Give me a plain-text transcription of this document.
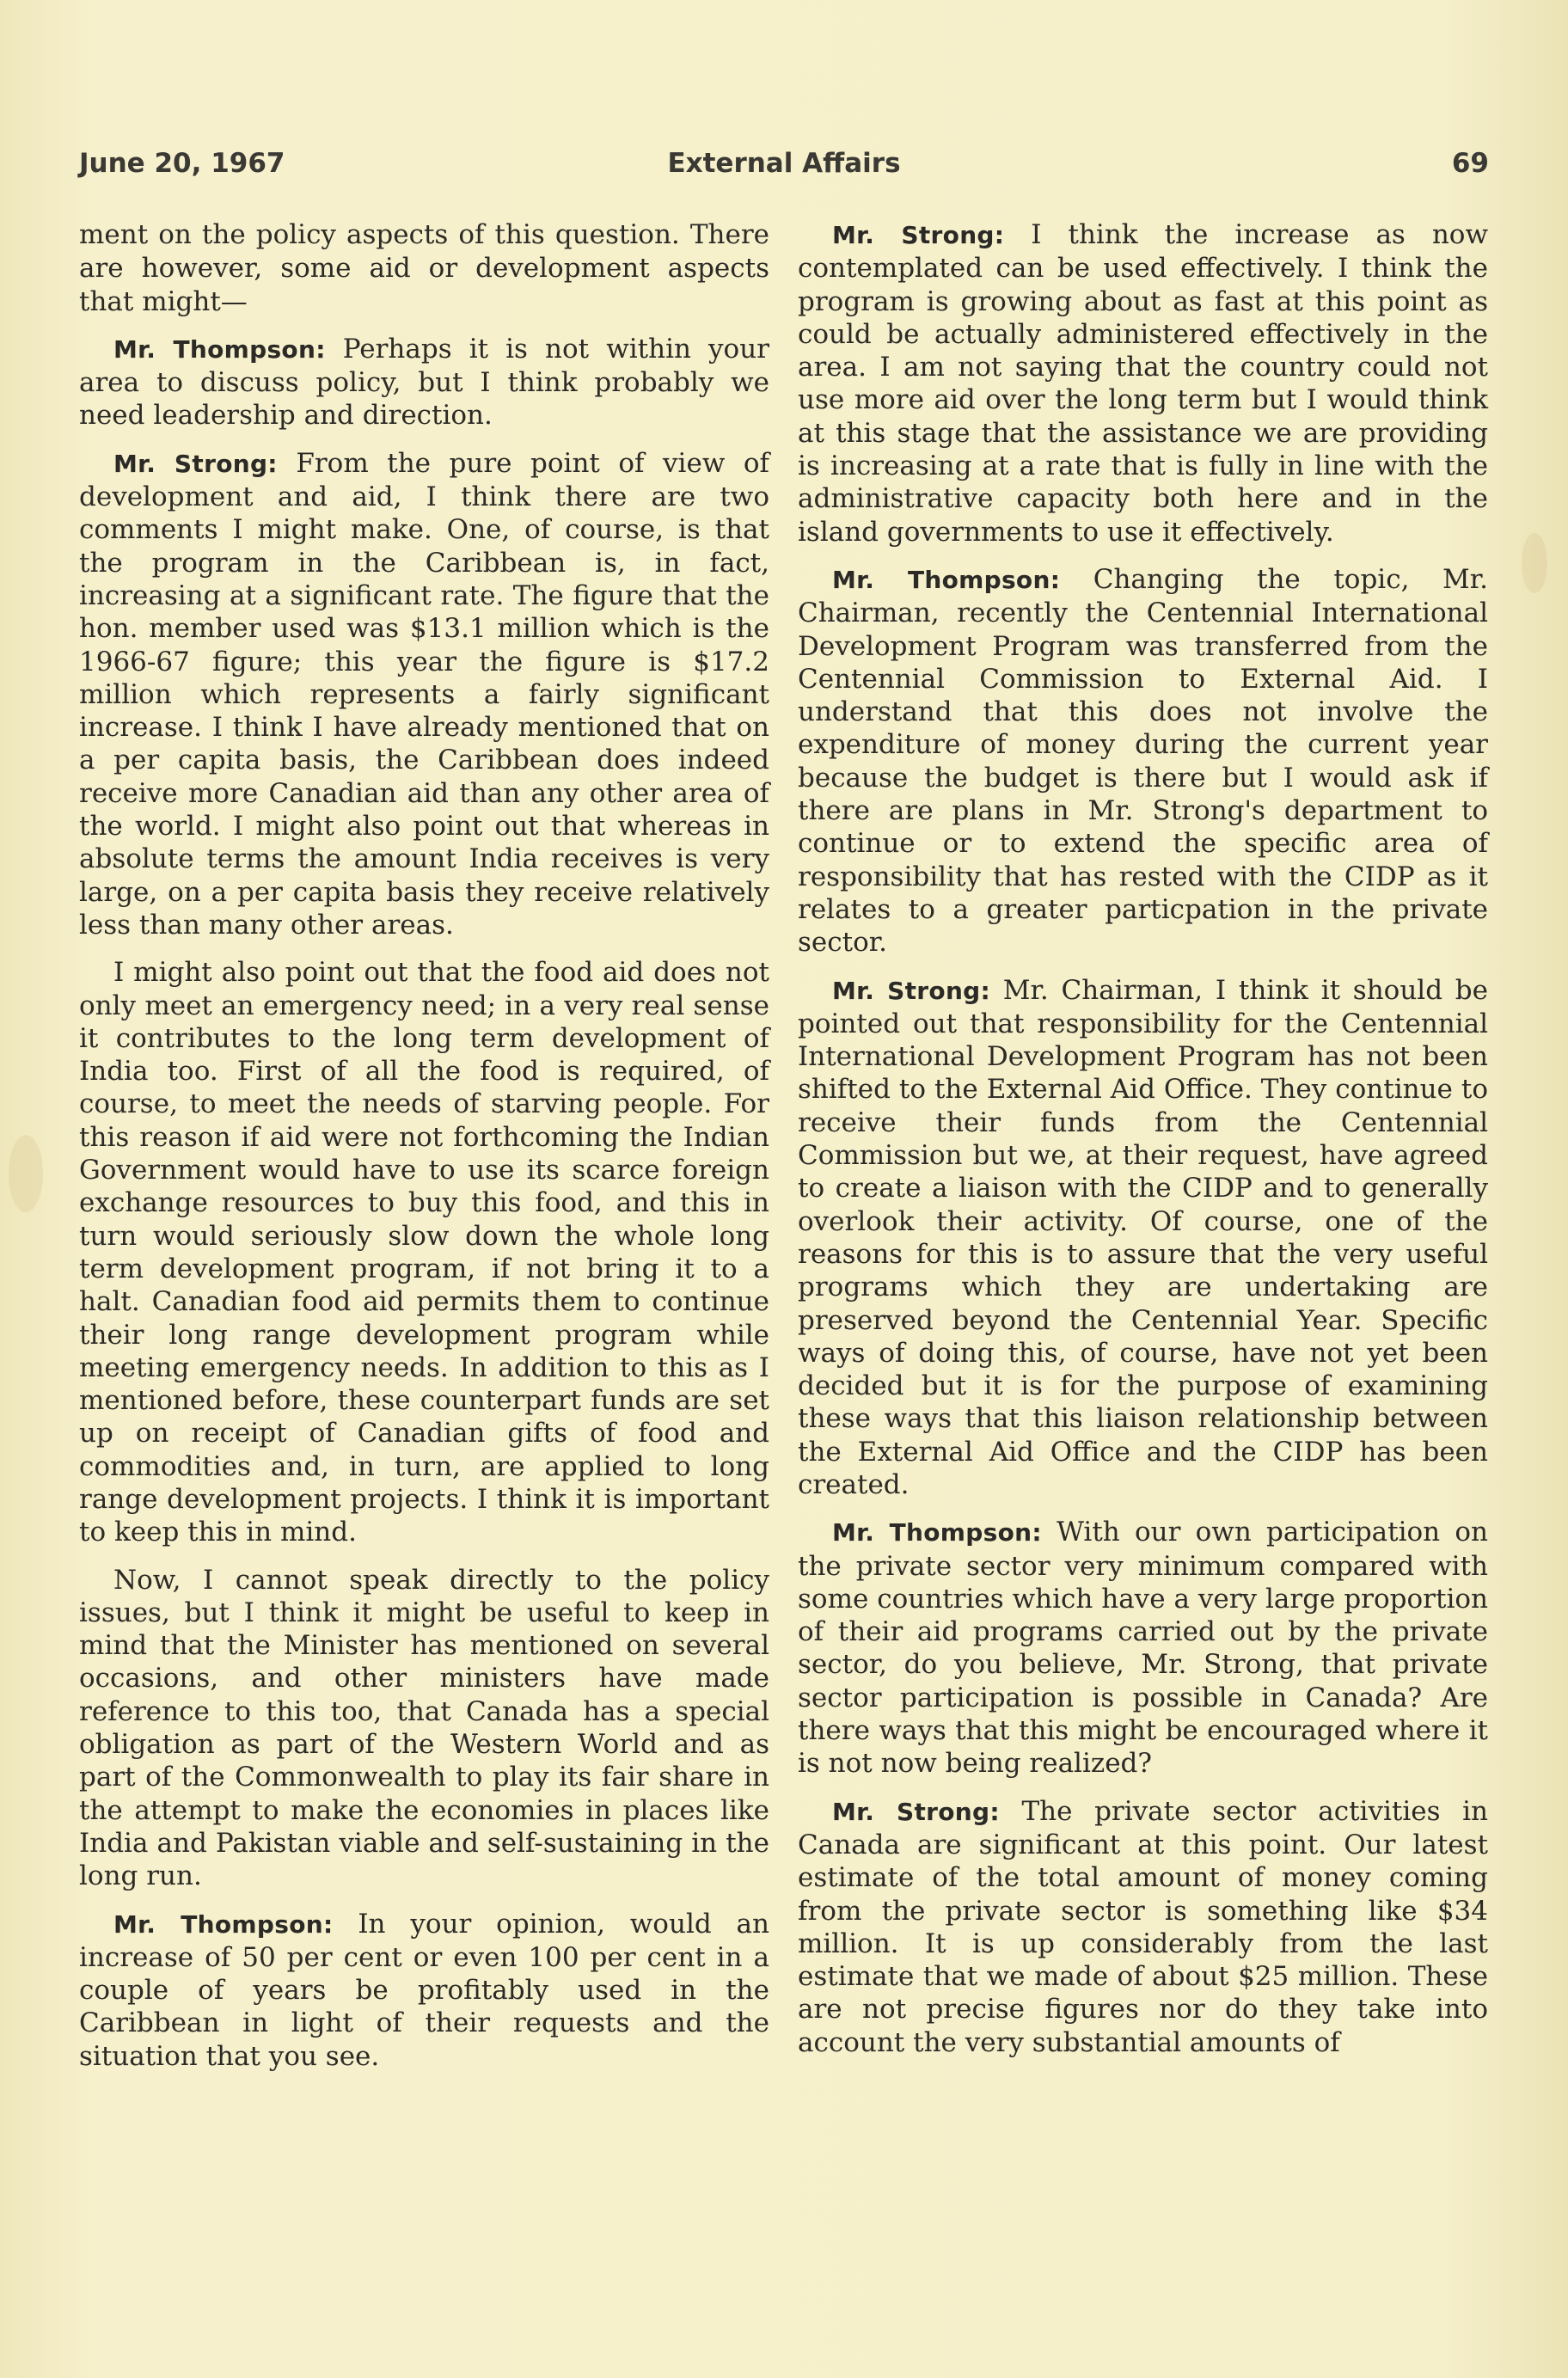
June 20, 1967	External Affairs	69

ment on the policy aspects of this question. There are however, some aid or development aspects that might—

Mr. Thompson: Perhaps it is not within your area to discuss policy, but I think probably we need leadership and direction.

Mr. Strong: From the pure point of view of development and aid, I think there are two comments I might make. One, of course, is that the program in the Caribbean is, in fact, increasing at a significant rate. The figure that the hon. member used was $13.1 million which is the 1966-67 figure; this year the figure is $17.2 million which represents a fairly significant increase. I think I have already mentioned that on a per capita basis, the Caribbean does indeed receive more Canadian aid than any other area of the world. I might also point out that whereas in absolute terms the amount India receives is very large, on a per capita basis they receive relatively less than many other areas.

I might also point out that the food aid does not only meet an emergency need; in a very real sense it contributes to the long term development of India too. First of all the food is required, of course, to meet the needs of starving people. For this reason if aid were not forthcoming the Indian Government would have to use its scarce foreign exchange resources to buy this food, and this in turn would seriously slow down the whole long term development program, if not bring it to a halt. Canadian food aid permits them to continue their long range development program while meeting emergency needs. In addition to this as I mentioned before, these counterpart funds are set up on receipt of Canadian gifts of food and commodities and, in turn, are applied to long range development projects. I think it is important to keep this in mind.

Now, I cannot speak directly to the policy issues, but I think it might be useful to keep in mind that the Minister has mentioned on several occasions, and other ministers have made reference to this too, that Canada has a special obligation as part of the Western World and as part of the Commonwealth to play its fair share in the attempt to make the economies in places like India and Pakistan viable and self-sustaining in the long run.

Mr. Thompson: In your opinion, would an increase of 50 per cent or even 100 per cent in a couple of years be profitably used in the Caribbean in light of their requests and the situation that you see.

Mr. Strong: I think the increase as now contemplated can be used effectively. I think the program is growing about as fast at this point as could be actually administered effectively in the area. I am not saying that the country could not use more aid over the long term but I would think at this stage that the assistance we are providing is increasing at a rate that is fully in line with the administrative capacity both here and in the island governments to use it effectively.

Mr. Thompson: Changing the topic, Mr. Chairman, recently the Centennial International Development Program was transferred from the Centennial Commission to External Aid. I understand that this does not involve the expenditure of money during the current year because the budget is there but I would ask if there are plans in Mr. Strong's department to continue or to extend the specific area of responsibility that has rested with the CIDP as it relates to a greater particpation in the private sector.

Mr. Strong: Mr. Chairman, I think it should be pointed out that responsibility for the Centennial International Development Program has not been shifted to the External Aid Office. They continue to receive their funds from the Centennial Commission but we, at their request, have agreed to create a liaison with the CIDP and to generally overlook their activity. Of course, one of the reasons for this is to assure that the very useful programs which they are undertaking are preserved beyond the Centennial Year. Specific ways of doing this, of course, have not yet been decided but it is for the purpose of examining these ways that this liaison relationship between the External Aid Office and the CIDP has been created.

Mr. Thompson: With our own participation on the private sector very minimum compared with some countries which have a very large proportion of their aid programs carried out by the private sector, do you believe, Mr. Strong, that private sector participation is possible in Canada? Are there ways that this might be encouraged where it is not now being realized?

Mr. Strong: The private sector activities in Canada are significant at this point. Our latest estimate of the total amount of money coming from the private sector is something like $34 million. It is up considerably from the last estimate that we made of about $25 million. These are not precise figures nor do they take into account the very substantial amounts of
